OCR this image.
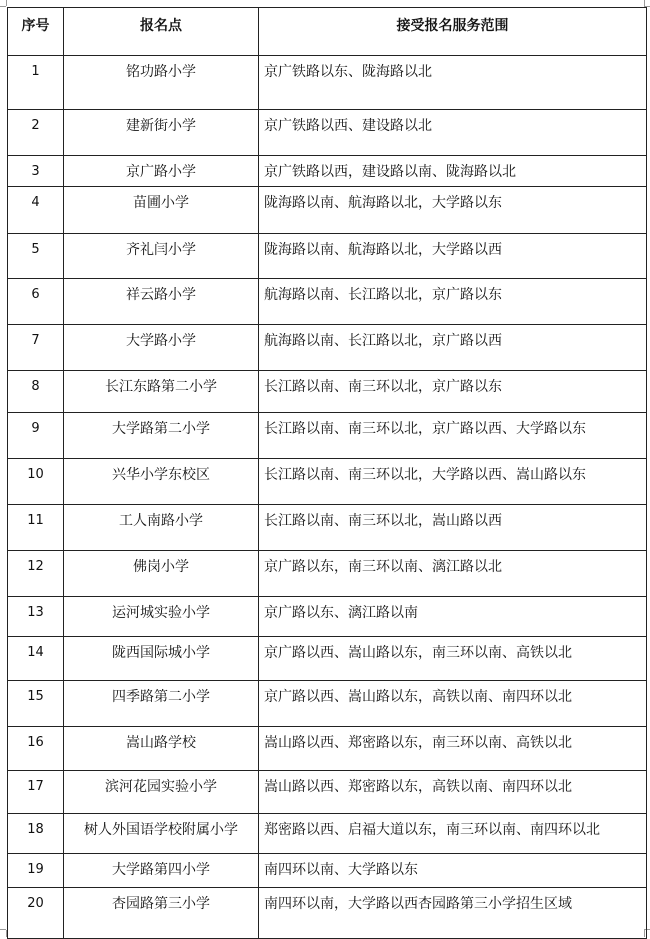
序号	报名点	接受报名服务范围
1	铭功路小学	京广铁路以东、陇海路以北
2	建新街小学	京广铁路以西、建设路以北
3	京广路小学	京广铁路以西，建设路以南、陇海路以北
4	苗圃小学	陇海路以南、航海路以北，大学路以东
5	齐礼闫小学	陇海路以南、航海路以北，大学路以西
6	祥云路小学	航海路以南、长江路以北，京广路以东
7	大学路小学	航海路以南、长江路以北，京广路以西
8	长江东路第二小学	长江路以南、南三环以北，京广路以东
9	大学路第二小学	长江路以南、南三环以北，京广路以西、大学路以东
10	兴华小学东校区	长江路以南、南三环以北，大学路以西、嵩山路以东
11	工人南路小学	长江路以南、南三环以北，嵩山路以西
12	佛岗小学	京广路以东，南三环以南、漓江路以北
13	运河城实验小学	京广路以东、漓江路以南
14	陇西国际城小学	京广路以西、嵩山路以东，南三环以南、高铁以北
15	四季路第二小学	京广路以西、嵩山路以东，高铁以南、南四环以北
16	嵩山路学校	嵩山路以西、郑密路以东，南三环以南、高铁以北
17	滨河花园实验小学	嵩山路以西、郑密路以东，高铁以南、南四环以北
18	树人外国语学校附属小学	郑密路以西、启福大道以东，南三环以南、南四环以北
19	大学路第四小学	南四环以南、大学路以东
20	杏园路第三小学	南四环以南，大学路以西杏园路第三小学招生区域
